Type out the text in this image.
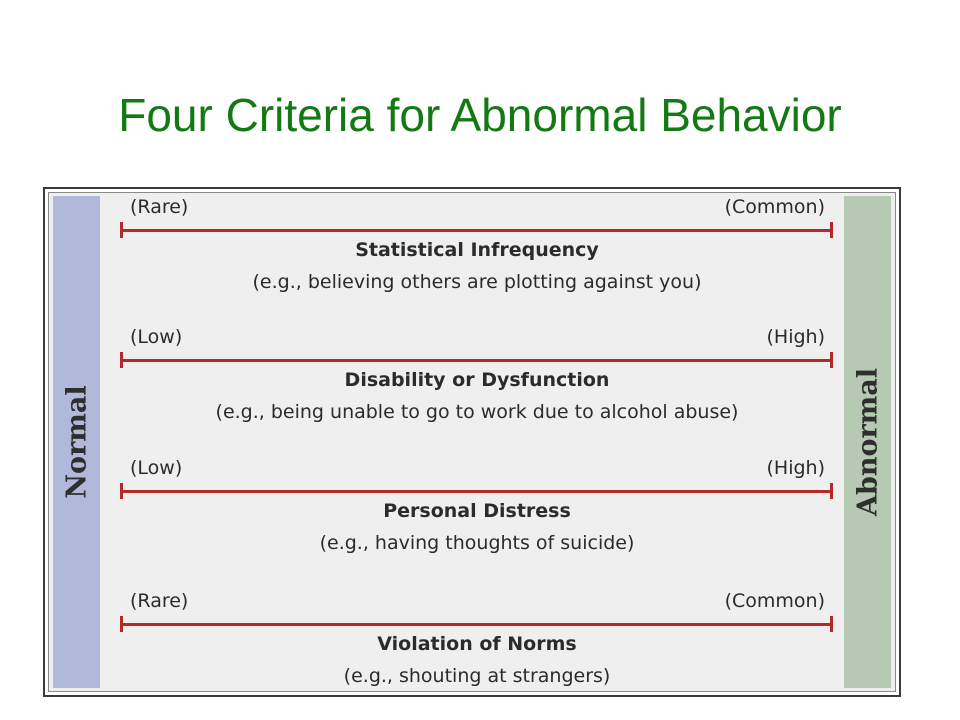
Four Criteria for Abnormal Behavior
Normal	Abnormal
(Rare)	(Common)
Statistical Infrequency
(e.g., believing others are plotting against you)
(Low)	(High)
Disability or Dysfunction
(e.g., being unable to go to work due to alcohol abuse)
(Low)	(High)
Personal Distress
(e.g., having thoughts of suicide)
(Rare)	(Common)
Violation of Norms
(e.g., shouting at strangers)
